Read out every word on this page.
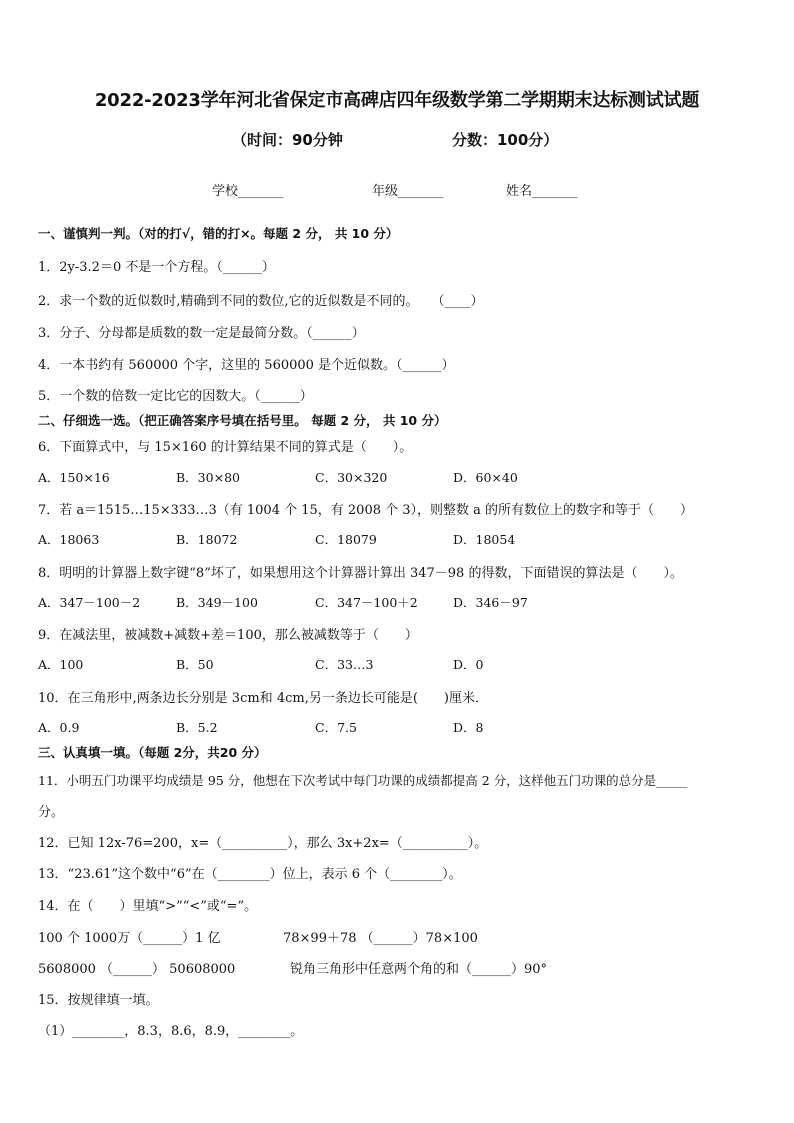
2022-2023学年河北省保定市高碑店四年级数学第二学期期末达标测试试题
（时间：90分钟	分数：100分）
学校_______	年级_______	姓名_______
一、谨慎判一判。（对的打√，错的打×。每题 2 分， 共 10 分）
1．2y-3.2＝0 不是一个方程。（______）
2．求一个数的近似数时,精确到不同的数位,它的近似数是不同的。　　（____）
3．分子、分母都是质数的数一定是最简分数。（______）
4．一本书约有 560000 个字，这里的 560000 是个近似数。（______）
5．一个数的倍数一定比它的因数大。（______）
二、仔细选一选。（把正确答案序号填在括号里。 每题 2 分， 共 10 分）
6．下面算式中，与 15×160 的计算结果不同的算式是（　　）。
A．150×16	B．30×80	C．30×320	D．60×40
7．若 a＝1515…15×333…3（有 1004 个 15，有 2008 个 3），则整数 a 的所有数位上的数字和等于（　　）
A．18063	B．18072	C．18079	D．18054
8．明明的计算器上数字键“8”坏了，如果想用这个计算器计算出 347－98 的得数，下面错误的算法是（　　）。
A．347－100－2	B．349－100	C．347－100＋2	D．346－97
9．在减法里，被减数+减数+差＝100，那么被减数等于（　　）
A．100	B．50	C．33…3	D．0
10．在三角形中,两条边长分别是 3cm和 4cm,另一条边长可能是(　　)厘米．
A．0.9	B．5.2	C．7.5	D．8
三、认真填一填。（每题 2分，共20 分）
11．小明五门功课平均成绩是 95 分，他想在下次考试中每门功课的成绩都提高 2 分，这样他五门功课的总分是_____
分。
12．已知 12x-76=200，x=（__________），那么 3x+2x=（__________）。
13．“23.61”这个数中“6”在（________）位上，表示 6 个（________）。
14．在（　　）里填“>”“<”或“=”。
100 个 1000万（______）1 亿	78×99＋78 （______）78×100
5608000 （______） 50608000	锐角三角形中任意两个角的和（______）90°
15．按规律填一填。
（1）________，8.3，8.6，8.9，________。
